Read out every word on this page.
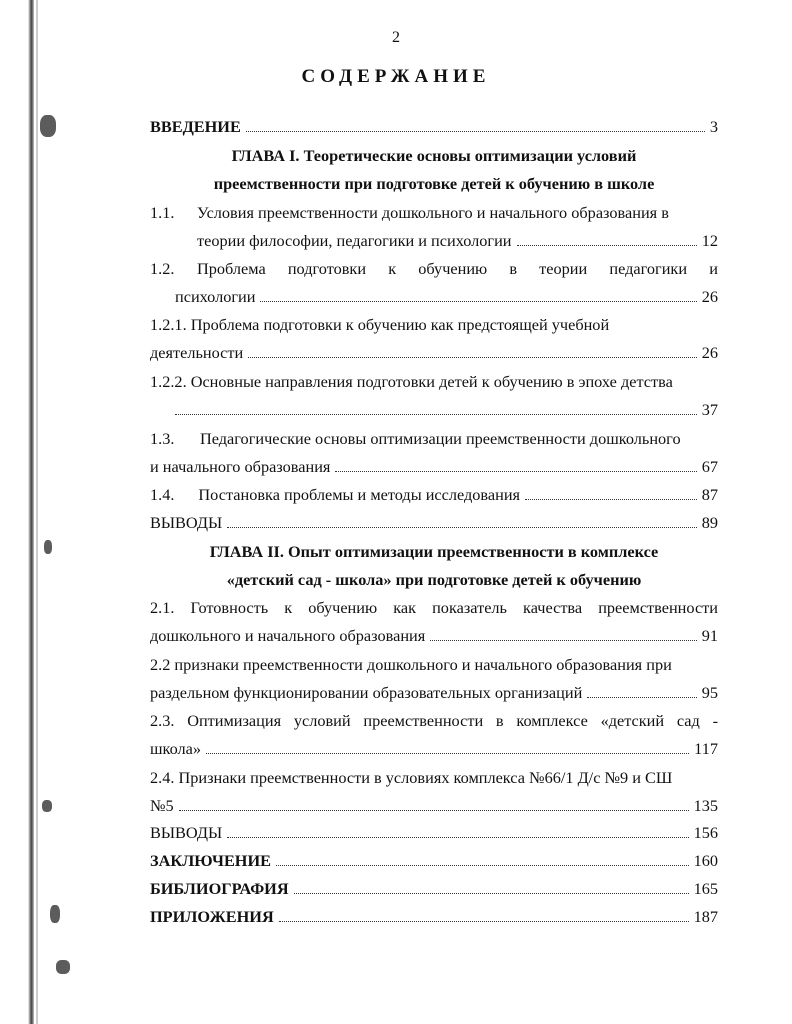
2
СОДЕРЖАНИЕ
ВВЕДЕНИЕ	3
ГЛАВА I. Теоретические основы оптимизации условий
преемственности при подготовке детей к обучению в школе
1.1. Условия преемственности дошкольного и начального образования в
теории философии, педагогики и психологии	12
1.2. Проблема подготовки к обучению в теории педагогики и
психологии	26
1.2.1. Проблема подготовки к обучению как предстоящей учебной
деятельности	26
1.2.2. Основные направления подготовки детей к обучению в эпохе детства
37
1.3. Педагогические основы оптимизации преемственности дошкольного
и начального образования	67
1.4. Постановка проблемы и методы исследования	87
ВЫВОДЫ	89
ГЛАВА II. Опыт оптимизации преемственности в комплексе
«детский сад - школа» при подготовке детей к обучению
2.1. Готовность к обучению как показатель качества преемственности
дошкольного и начального образования	91
2.2 признаки преемственности дошкольного и начального образования при
раздельном функционировании образовательных организаций	95
2.3. Оптимизация условий преемственности в комплексе «детский сад -
школа»	117
2.4. Признаки преемственности в условиях комплекса №66/1 Д/с №9 и СШ
№5	135
ВЫВОДЫ	156
ЗАКЛЮЧЕНИЕ	160
БИБЛИОГРАФИЯ	165
ПРИЛОЖЕНИЯ	187
